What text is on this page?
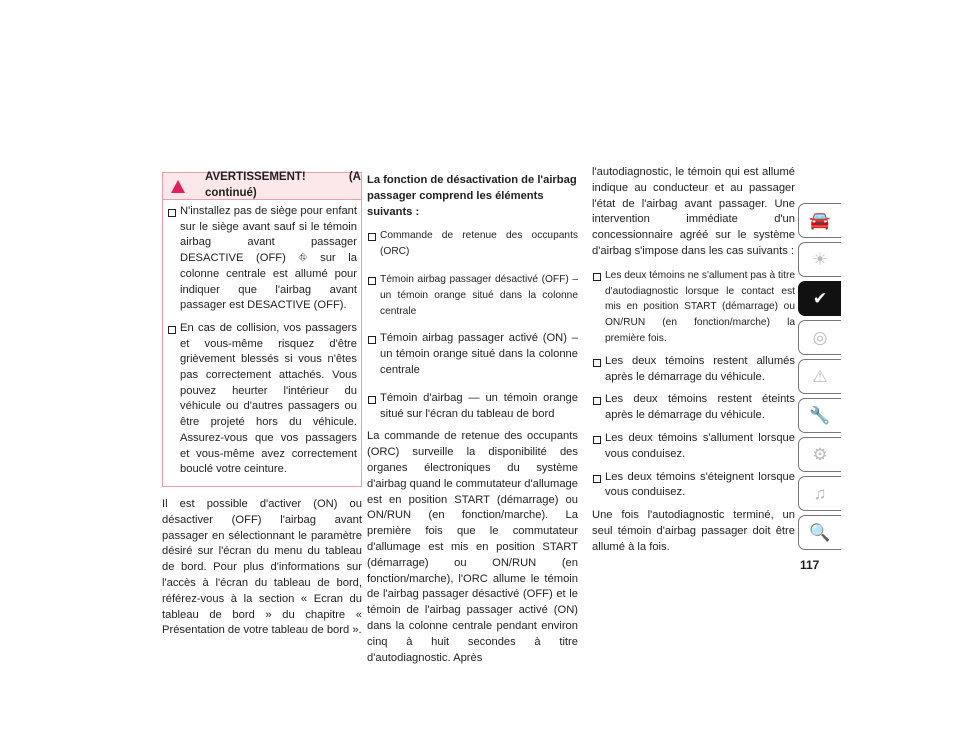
AVERTISSEMENT! (A continué)
N'installez pas de siège pour enfant sur le siège avant sauf si le témoin airbag avant passager DESACTIVE (OFF) ⛗ sur la colonne centrale est allumé pour indiquer que l'airbag avant passager est DESACTIVE (OFF).
En cas de collision, vos passagers et vous-même risquez d'être grièvement blessés si vous n'êtes pas correctement attachés. Vous pouvez heurter l'intérieur du véhicule ou d'autres passagers ou être projeté hors du véhicule. Assurez-vous que vos passagers et vous-même avez correctement bouclé votre ceinture.

Il est possible d'activer (ON) ou désactiver (OFF) l'airbag avant passager en sélectionnant le paramètre désiré sur l'écran du menu du tableau de bord. Pour plus d'informations sur l'accès à l'écran du tableau de bord, référez-vous à la section « Ecran du tableau de bord » du chapitre « Présentation de votre tableau de bord ».

La fonction de désactivation de l'airbag passager comprend les éléments suivants :

Commande de retenue des occupants (ORC)
Témoin airbag passager désactivé (OFF) – un témoin orange situé dans la colonne centrale
Témoin airbag passager activé (ON) – un témoin orange situé dans la colonne centrale
Témoin d'airbag — un témoin orange situé sur l'écran du tableau de bord

La commande de retenue des occupants (ORC) surveille la disponibilité des organes électroniques du système d'airbag quand le commutateur d'allumage est en position START (démarrage) ou ON/RUN (en fonction/marche). La première fois que le commutateur d'allumage est mis en position START (démarrage) ou ON/RUN (en fonction/marche), l'ORC allume le témoin de l'airbag passager désactivé (OFF) et le témoin de l'airbag passager activé (ON) dans la colonne centrale pendant environ cinq à huit secondes à titre d'autodiagnostic. Après

l'autodiagnostic, le témoin qui est allumé indique au conducteur et au passager l'état de l'airbag avant passager. Une intervention immédiate d'un concessionnaire agréé sur le système d'airbag s'impose dans les cas suivants :

Les deux témoins ne s'allument pas à titre d'autodiagnostic lorsque le contact est mis en position START (démarrage) ou ON/RUN (en fonction/marche) la première fois.
Les deux témoins restent allumés après le démarrage du véhicule.
Les deux témoins restent éteints après le démarrage du véhicule.
Les deux témoins s'allument lorsque vous conduisez.
Les deux témoins s'éteignent lorsque vous conduisez.

Une fois l'autodiagnostic terminé, un seul témoin d'airbag passager doit être allumé à la fois.

🚘
☀
✔
◎
⚠
🔧
⚙
♫
🔍
117
